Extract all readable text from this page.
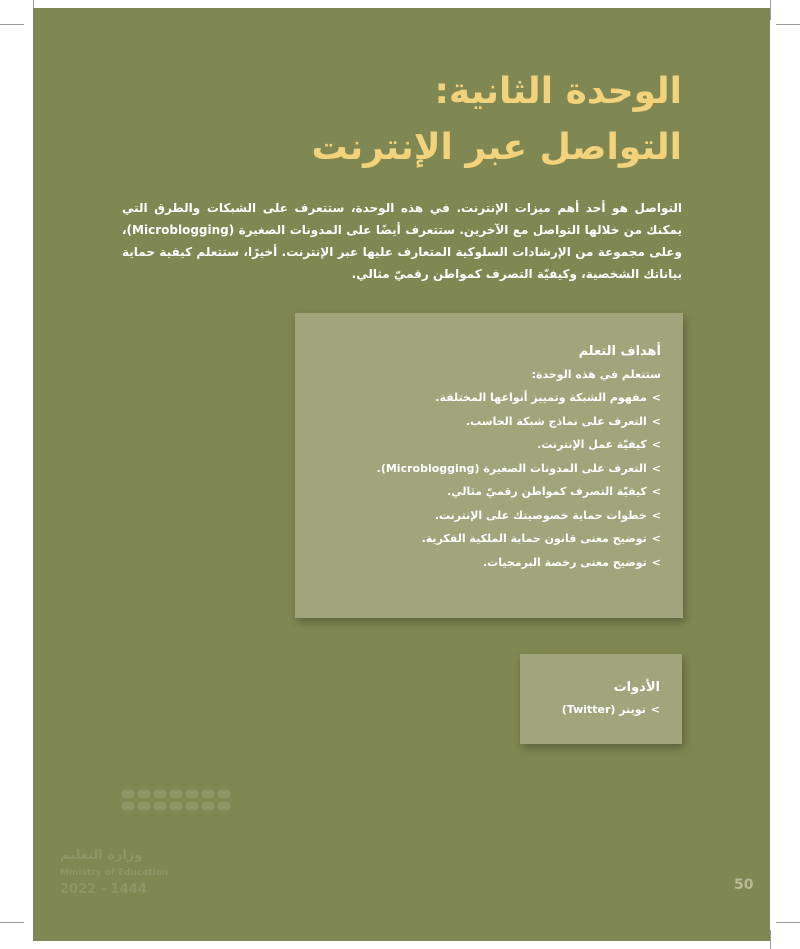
الوحدة الثانية:
التواصل عبر الإنترنت
التواصل هو أحد أهم ميزات الإنترنت. في هذه الوحدة، ستتعرف على الشبكات والطرق التي يمكنك من خلالها التواصل مع الآخرين. ستتعرف أيضًا على المدونات الصغيرة (Microblogging)، وعلى مجموعة من الإرشادات السلوكية المتعارف عليها عبر الإنترنت. أخيرًا، ستتعلم كيفية حماية بياناتك الشخصية، وكيفيّة التصرف كمواطن رقميّ مثالي.
أهداف التعلم
ستتعلم في هذه الوحدة:
>مفهوم الشبكة وتمييز أنواعها المختلفة.
>التعرف على نماذج شبكة الحاسب.
>كيفيّة عمل الإنترنت.
>التعرف على المدونات الصغيرة (Microblogging).
>كيفيّة التصرف كمواطن رقميّ مثالي.
>خطوات حماية خصوصيتك على الإنترنت.
>توضيح معنى قانون حماية الملكية الفكرية.
>توضيح معنى رخصة البرمجيات.
الأدوات
>تويتر (Twitter)
وزارة التعليم
Ministry of Education
2022 - 1444	50
